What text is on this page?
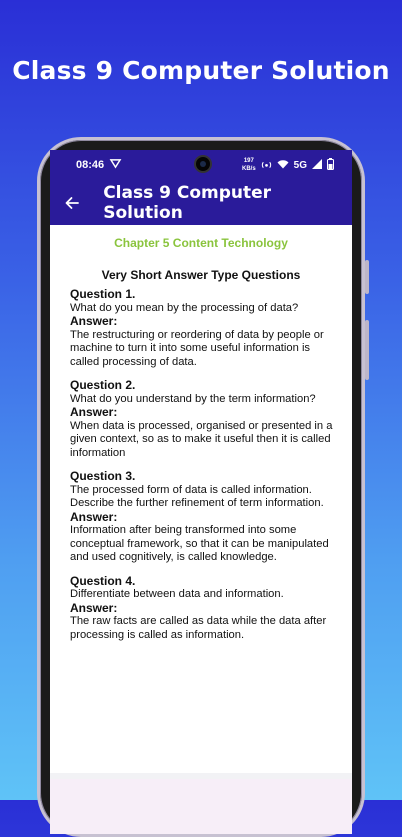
Class 9 Computer Solution
08:46	197
KB/s	5G
Class 9 Computer Solution
Chapter 5 Content Technology
Very Short Answer Type Questions
Question 1.
What do you mean by the processing of data?
Answer:
The restructuring or reordering of data by people or machine to turn it into some useful information is called processing of data.
Question 2.
What do you understand by the term information?
Answer:
When data is processed, organised or presented in a given context, so as to make it useful then it is called information
Question 3.
The processed form of data is called information. Describe the further refinement of term information.
Answer:
Information after being transformed into some conceptual framework, so that it can be manipulated and used cognitively, is called knowledge.
Question 4.
Differentiate between data and information.
Answer:
The raw facts are called as data while the data after processing is called as information.
